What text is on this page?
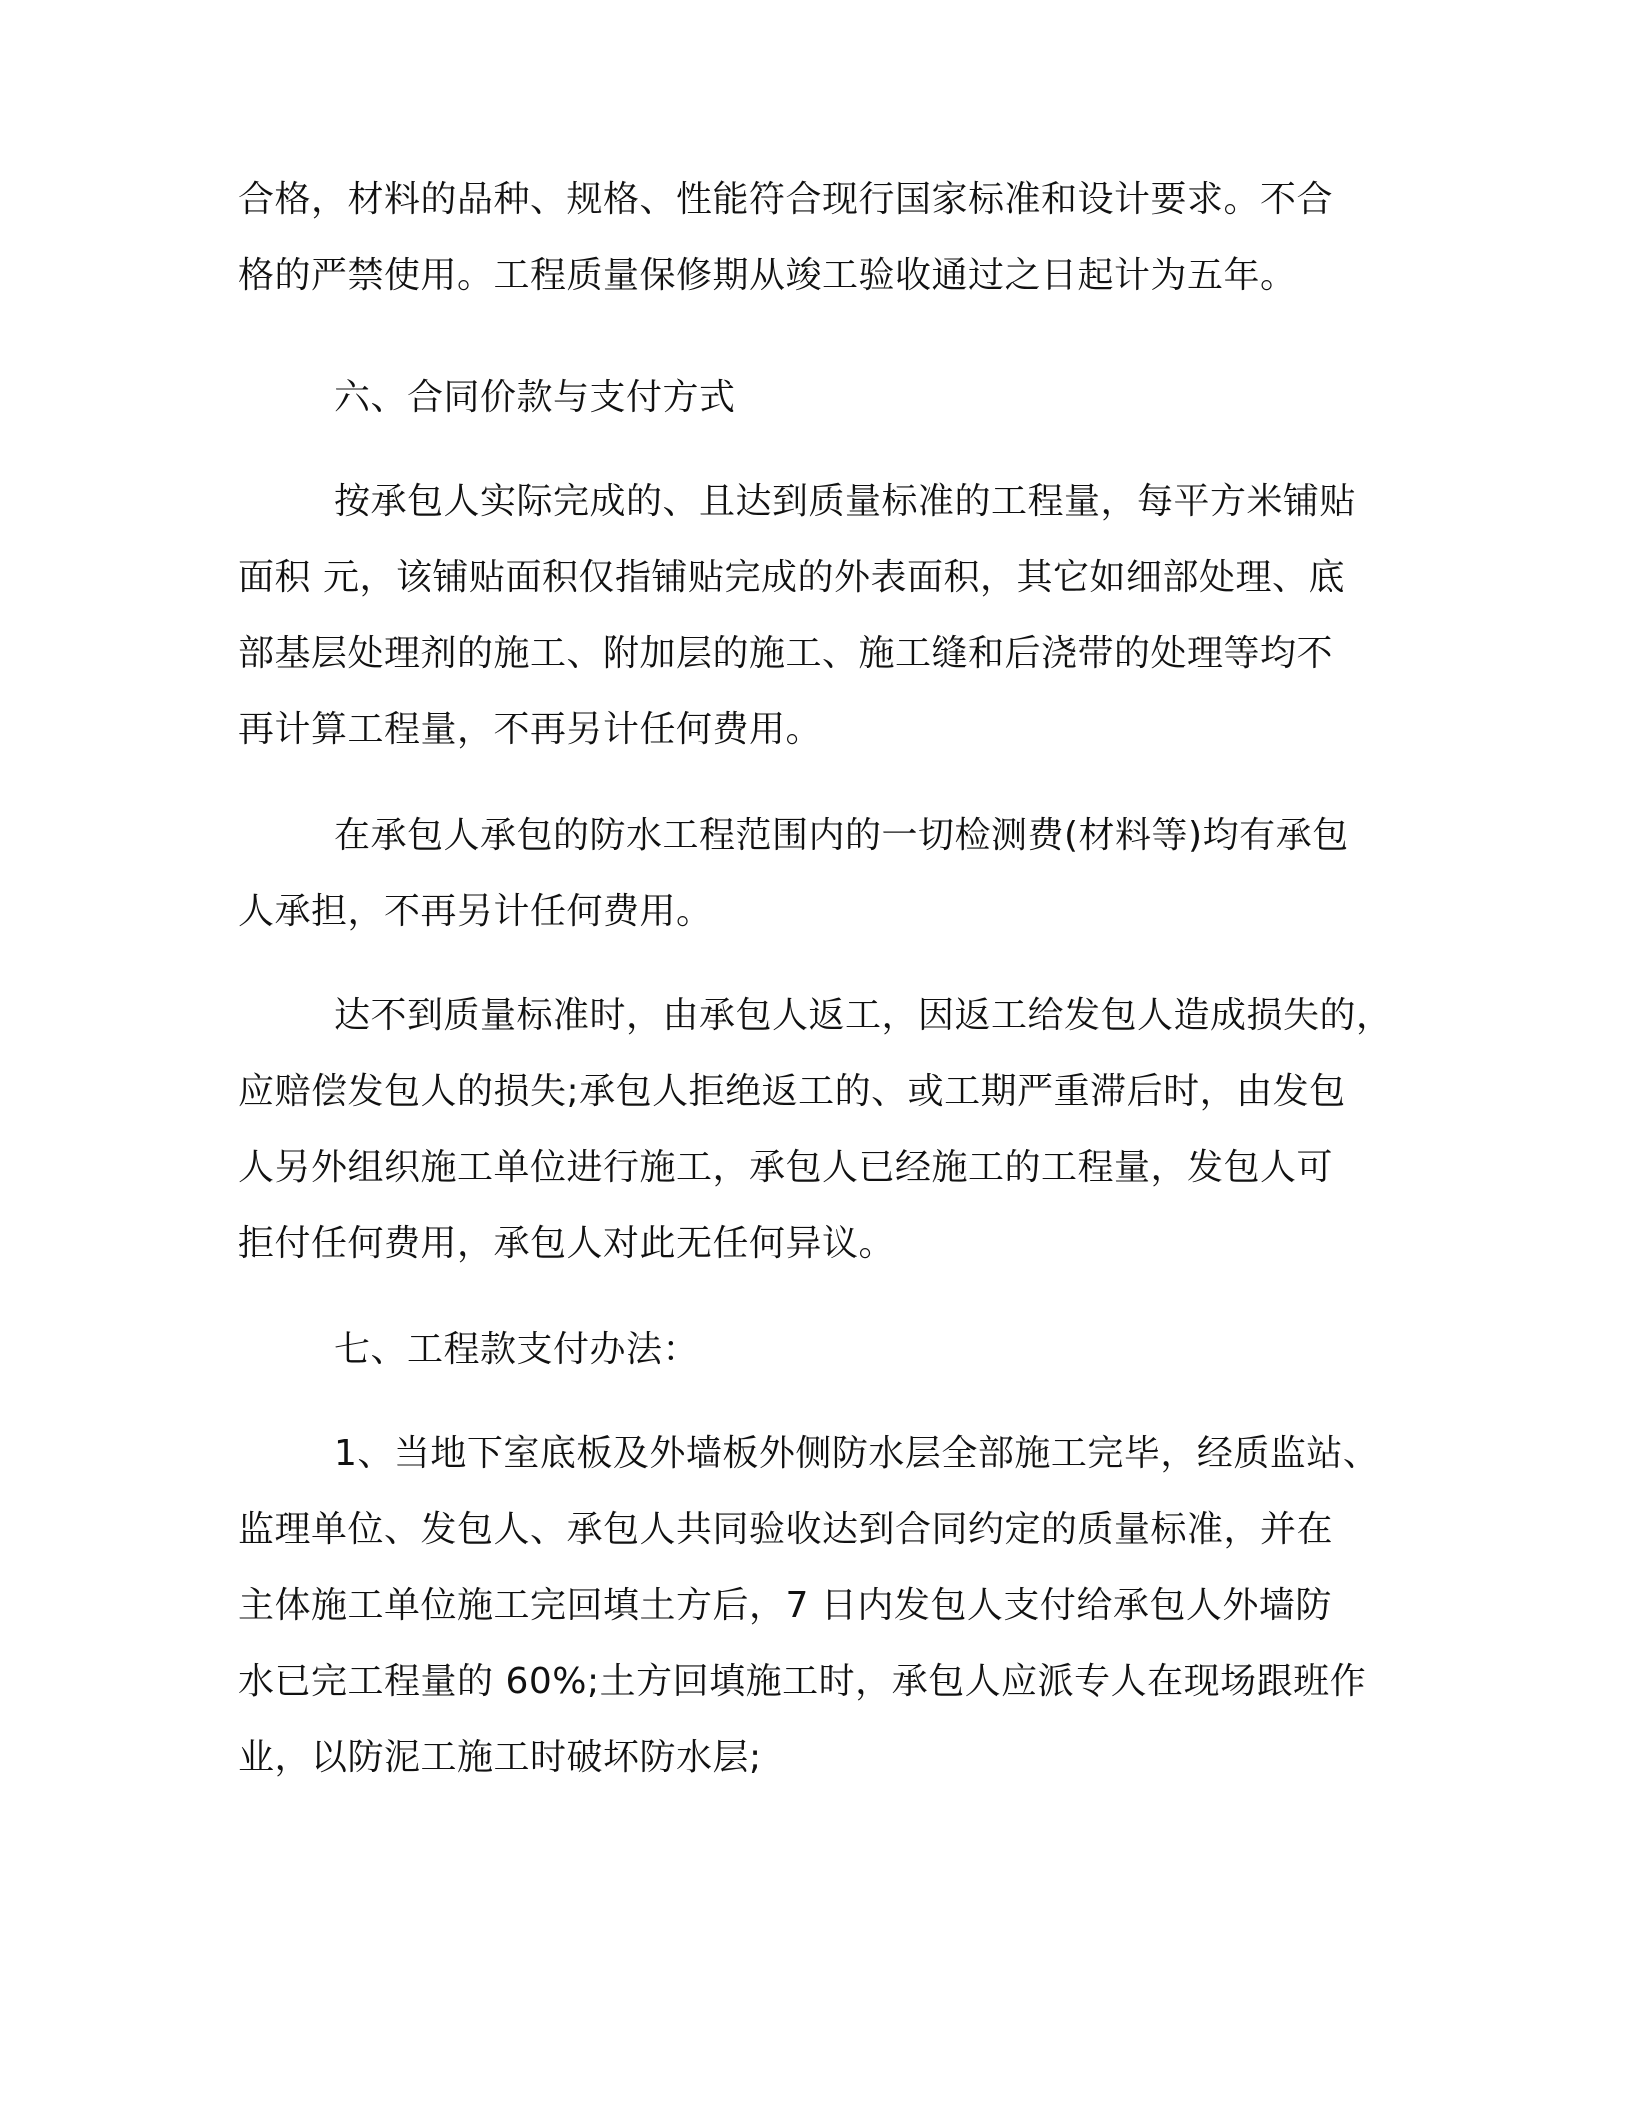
合格，材料的品种、规格、性能符合现行国家标准和设计要求。不合
格的严禁使用。工程质量保修期从竣工验收通过之日起计为五年。
六、合同价款与支付方式
按承包人实际完成的、且达到质量标准的工程量，每平方米铺贴
面积 元，该铺贴面积仅指铺贴完成的外表面积，其它如细部处理、底
部基层处理剂的施工、附加层的施工、施工缝和后浇带的处理等均不
再计算工程量，不再另计任何费用。
在承包人承包的防水工程范围内的一切检测费(材料等)均有承包
人承担，不再另计任何费用。
达不到质量标准时，由承包人返工，因返工给发包人造成损失的，
应赔偿发包人的损失;承包人拒绝返工的、或工期严重滞后时，由发包
人另外组织施工单位进行施工，承包人已经施工的工程量，发包人可
拒付任何费用，承包人对此无任何异议。
七、工程款支付办法：
1、当地下室底板及外墙板外侧防水层全部施工完毕，经质监站、
监理单位、发包人、承包人共同验收达到合同约定的质量标准，并在
主体施工单位施工完回填土方后，7 日内发包人支付给承包人外墙防
水已完工程量的 60%;土方回填施工时，承包人应派专人在现场跟班作
业，以防泥工施工时破坏防水层;
